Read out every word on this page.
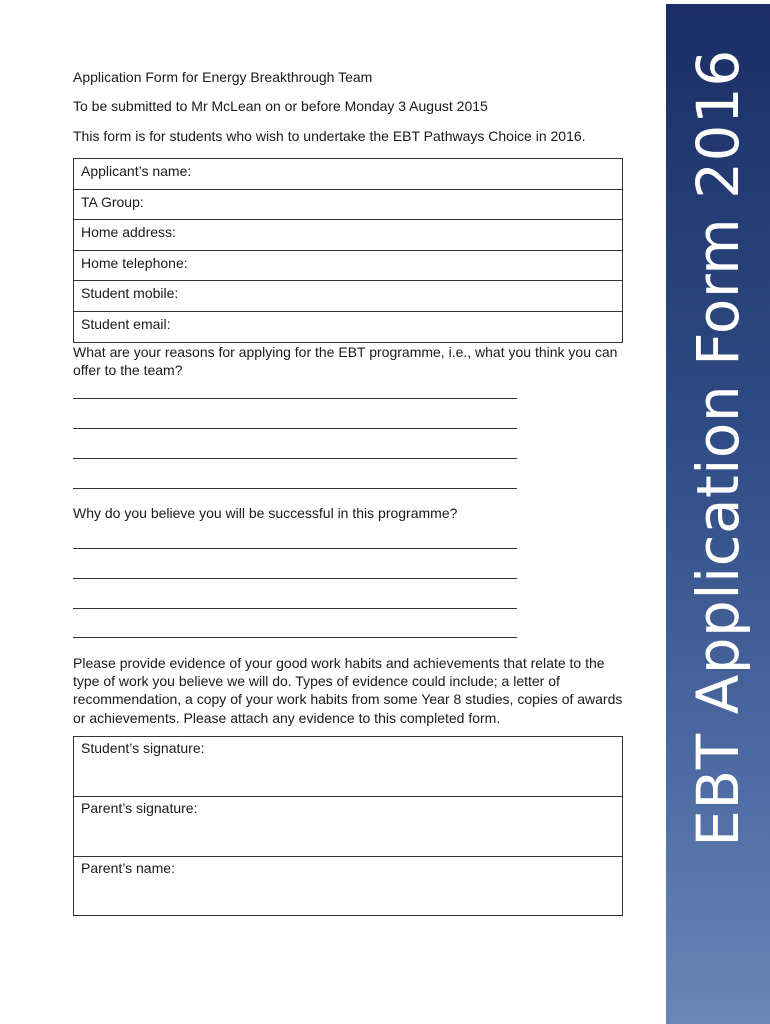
EBT Application Form 2016
Application Form for Energy Breakthrough Team
To be submitted to Mr McLean on or before Monday 3 August 2015
This form is for students who wish to undertake the EBT Pathways Choice in 2016.
Applicant’s name:
TA Group:
Home address:
Home telephone:
Student mobile:
Student email:
What are your reasons for applying for the EBT programme, i.e., what you think you can offer to the team?
Why do you believe you will be successful in this programme?
Please provide evidence of your good work habits and achievements that relate to the type of work you believe we will do. Types of evidence could include; a letter of recommendation, a copy of your work habits from some Year 8 studies, copies of awards or achievements. Please attach any evidence to this completed form.
Student’s signature:
Parent’s signature:
Parent’s name:
